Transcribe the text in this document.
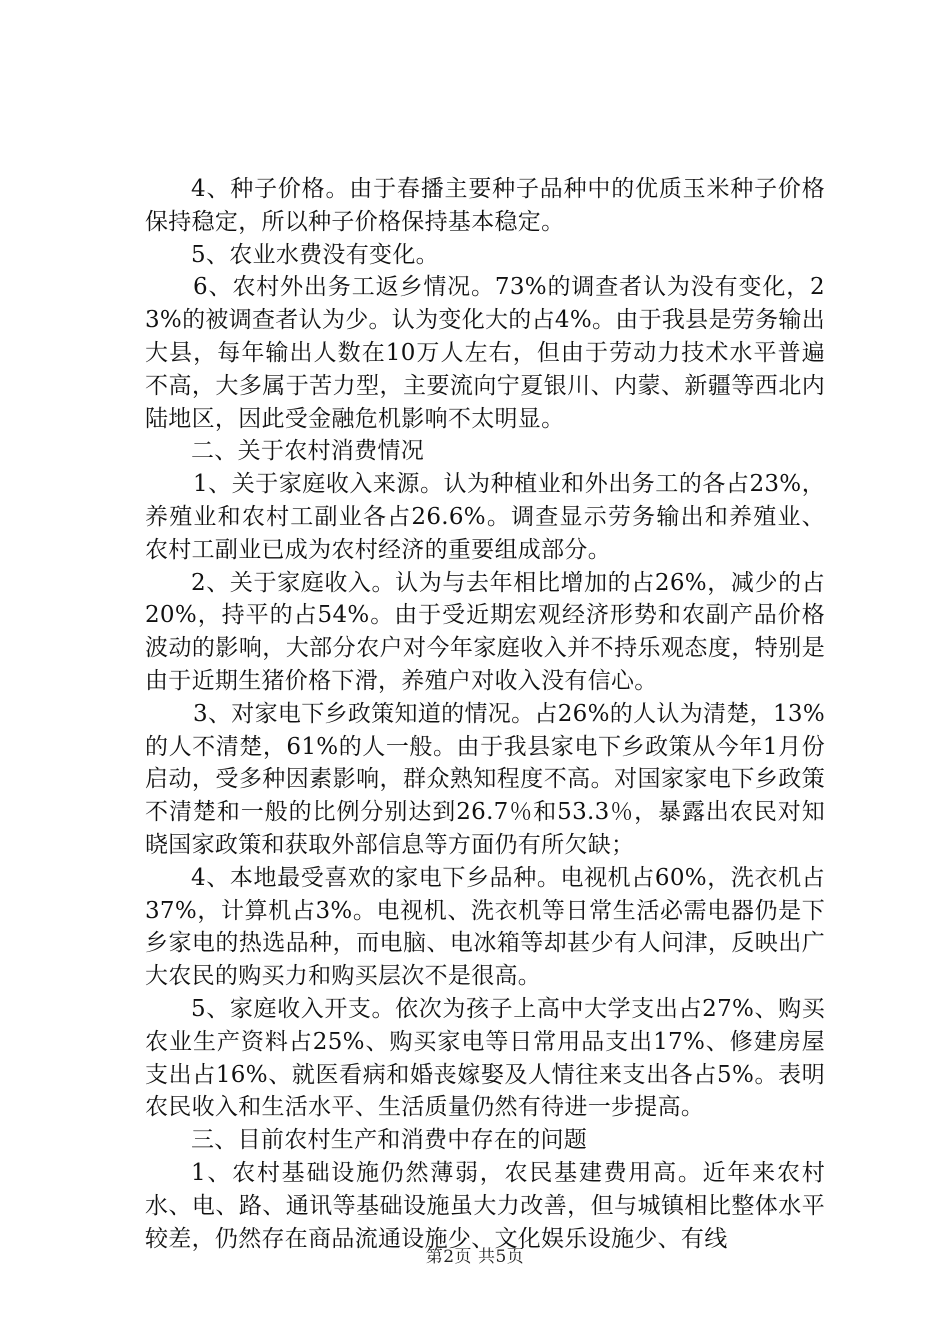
4、种子价格。由于春播主要种子品种中的优质玉米种子价格保持稳定，所以种子价格保持基本稳定。

5、农业水费没有变化。

6、农村外出务工返乡情况。73%的调查者认为没有变化，23%的被调查者认为少。认为变化大的占4%。由于我县是劳务输出大县，每年输出人数在10万人左右，但由于劳动力技术水平普遍不高，大多属于苦力型，主要流向宁夏银川、内蒙、新疆等西北内陆地区，因此受金融危机影响不太明显。

二、关于农村消费情况

1、关于家庭收入来源。认为种植业和外出务工的各占23%，养殖业和农村工副业各占26.6%。调查显示劳务输出和养殖业、农村工副业已成为农村经济的重要组成部分。

2、关于家庭收入。认为与去年相比增加的占26%，减少的占20%，持平的占54%。由于受近期宏观经济形势和农副产品价格波动的影响，大部分农户对今年家庭收入并不持乐观态度，特别是由于近期生猪价格下滑，养殖户对收入没有信心。

3、对家电下乡政策知道的情况。占26%的人认为清楚，13%的人不清楚，61%的人一般。由于我县家电下乡政策从今年1月份启动，受多种因素影响，群众熟知程度不高。对国家家电下乡政策不清楚和一般的比例分别达到26.7％和53.3％，暴露出农民对知晓国家政策和获取外部信息等方面仍有所欠缺；

4、本地最受喜欢的家电下乡品种。电视机占60%，洗衣机占37%，计算机占3%。电视机、洗衣机等日常生活必需电器仍是下乡家电的热选品种，而电脑、电冰箱等却甚少有人问津，反映出广大农民的购买力和购买层次不是很高。

5、家庭收入开支。依次为孩子上高中大学支出占27%、购买农业生产资料占25%、购买家电等日常用品支出17%、修建房屋支出占16%、就医看病和婚丧嫁娶及人情往来支出各占5%。表明农民收入和生活水平、生活质量仍然有待进一步提高。

三、目前农村生产和消费中存在的问题

1、农村基础设施仍然薄弱，农民基建费用高。近年来农村水、电、路、通讯等基础设施虽大力改善，但与城镇相比整体水平较差，仍然存在商品流通设施少、文化娱乐设施少、有线

第2页 共5页
